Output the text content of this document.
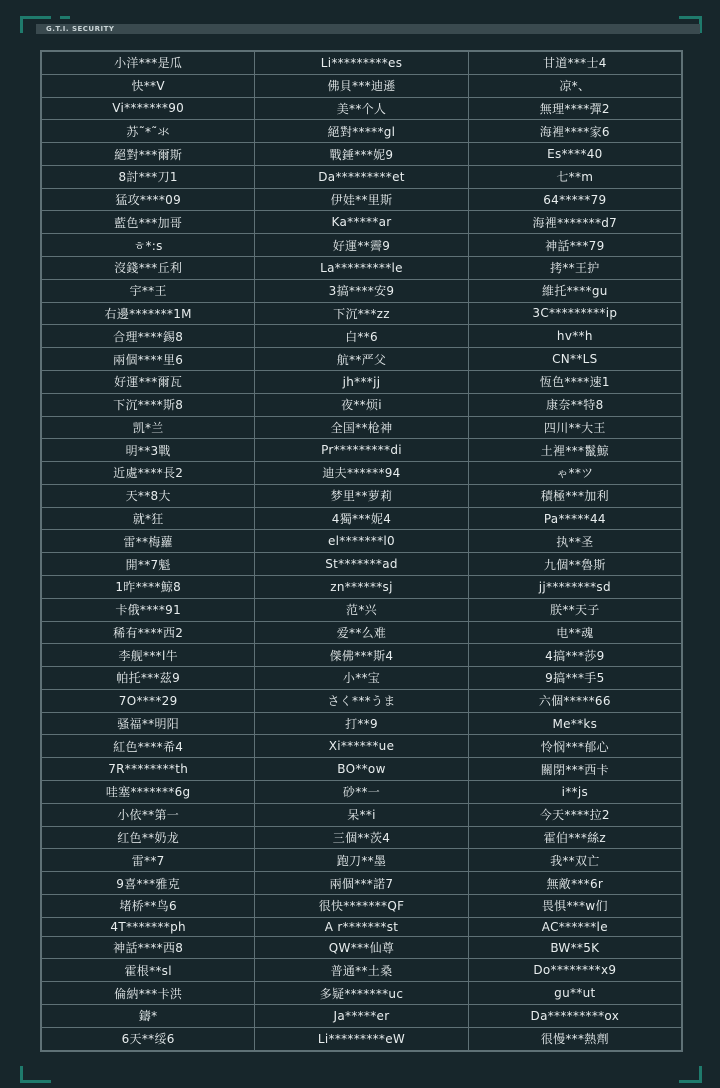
G.T.I. SECURITY
小洋***是瓜	Li*********es	甘道***士4
快**V	佛貝***迪遜	凉*、
Vi*******90	美**个人	無理****彈2
苏˜*˜氺	絕對*****gl	海裡****家6
絕對***爾斯	戰錘***妮9	Es****40
8討***刀1	Da*********et	七**m
猛攻****09	伊娃**里斯	64*****79
藍色***加哥	Ka*****ar	海裡*******d7
ㅎ*:s	好運**霽9	神話***79
沒錢***丘利	La*********le	拷**王护
宇**王	3搞****安9	維托****gu
右邊*******1M	下沉***zz	3C*********ip
合理****錫8	白**6	hv**h
兩個****里6	航**严父	CN**LS
好運***爾瓦	jh***jj	恆色****速1
下沉****斯8	夜**烦i	康奈**特8
凯*兰	全国**枪神	四川**大王
明**3戰	Pr*********di	土裡***鬣鯨
近處****長2	迪夫******94	ゃ**ツ
天**8大	梦里**萝莉	積極***加利
就*狂	4獨***妮4	Pa*****44
雷**梅蘿	el*******l0	执**圣
開**7魁	St*******ad	九個**魯斯
1昨****鯨8	zn******sj	jj********sd
卡俄****91	范*兴	朕**天子
稀有****西2	爱**么难	电**魂
李舰***l牛	傑佛***斯4	4搞***莎9
帕托***茲9	小**宝	9搞***手5
7O****29	さく***うま	六個*****66
骚福**明阳	打**9	Me**ks
紅色****希4	Xi******ue	怜悯***郁心
7R********th	BO**ow	關閉***西卡
哇塞*******6g	砂**一	i**js
小依**第一	呆**i	今天****拉2
红色**奶龙	三個**茨4	霍伯***絲z
雷**7	跑刀**墨	我**双亡
9喜***雅克	兩個***諾7	無敵***6r
堵桥**鸟6	很快*******QF	畏惧***w们
4T*******ph	A r*******st	AC******le
神話****西8	QW***仙尊	BW**5K
霍根**sl	普通**土桑	Do********x9
倫納***卡洪	多疑*******uc	gu**ut
鑄*	Ja*****er	Da*********ox
6天**绥6	Li*********eW	很慢***熱劑
